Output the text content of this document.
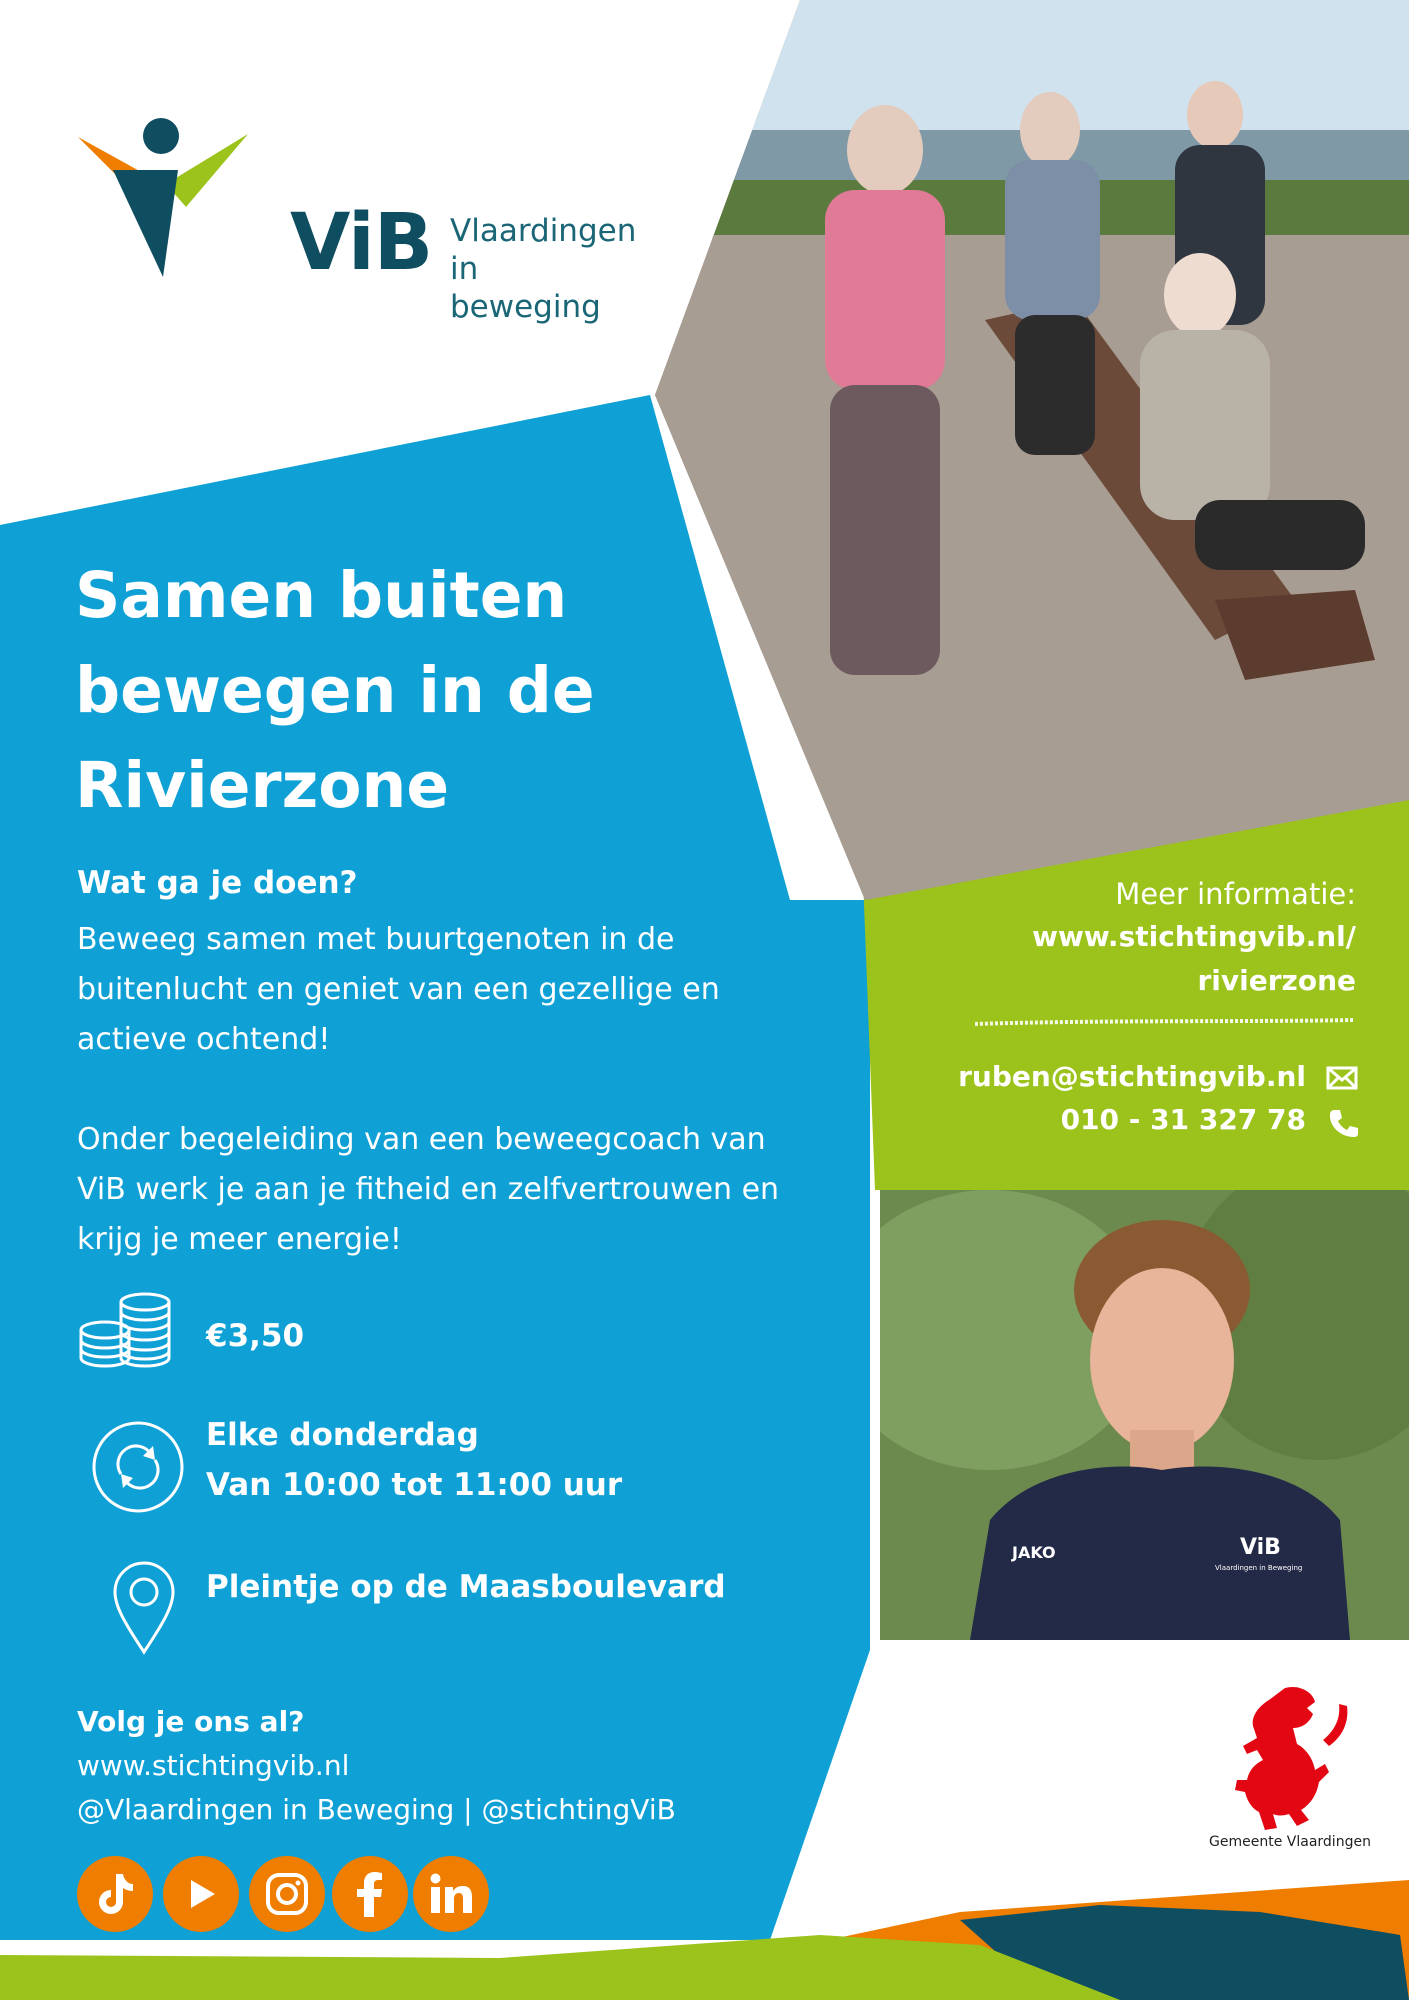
JAKO	ViB
Vlaardingen in Beweging
ViB Vlaardingen
in beweging
Samen buiten
bewegen in de
Rivierzone
Wat ga je doen?
Beweeg samen met buurtgenoten in de buitenlucht en geniet van een gezellige en actieve ochtend!
Onder begeleiding van een beweegcoach van ViB werk je aan je fitheid en zelfvertrouwen en krijg je meer energie!
€3,50
Elke donderdag
Van 10:00 tot 11:00 uur
Pleintje op de Maasboulevard
Volg je ons al?
www.stichtingvib.nl
@Vlaardingen in Beweging | @stichtingViB
Meer informatie:
www.stichtingvib.nl/
rivierzone
ruben@stichtingvib.nl
010 - 31 327 78
Gemeente Vlaardingen
